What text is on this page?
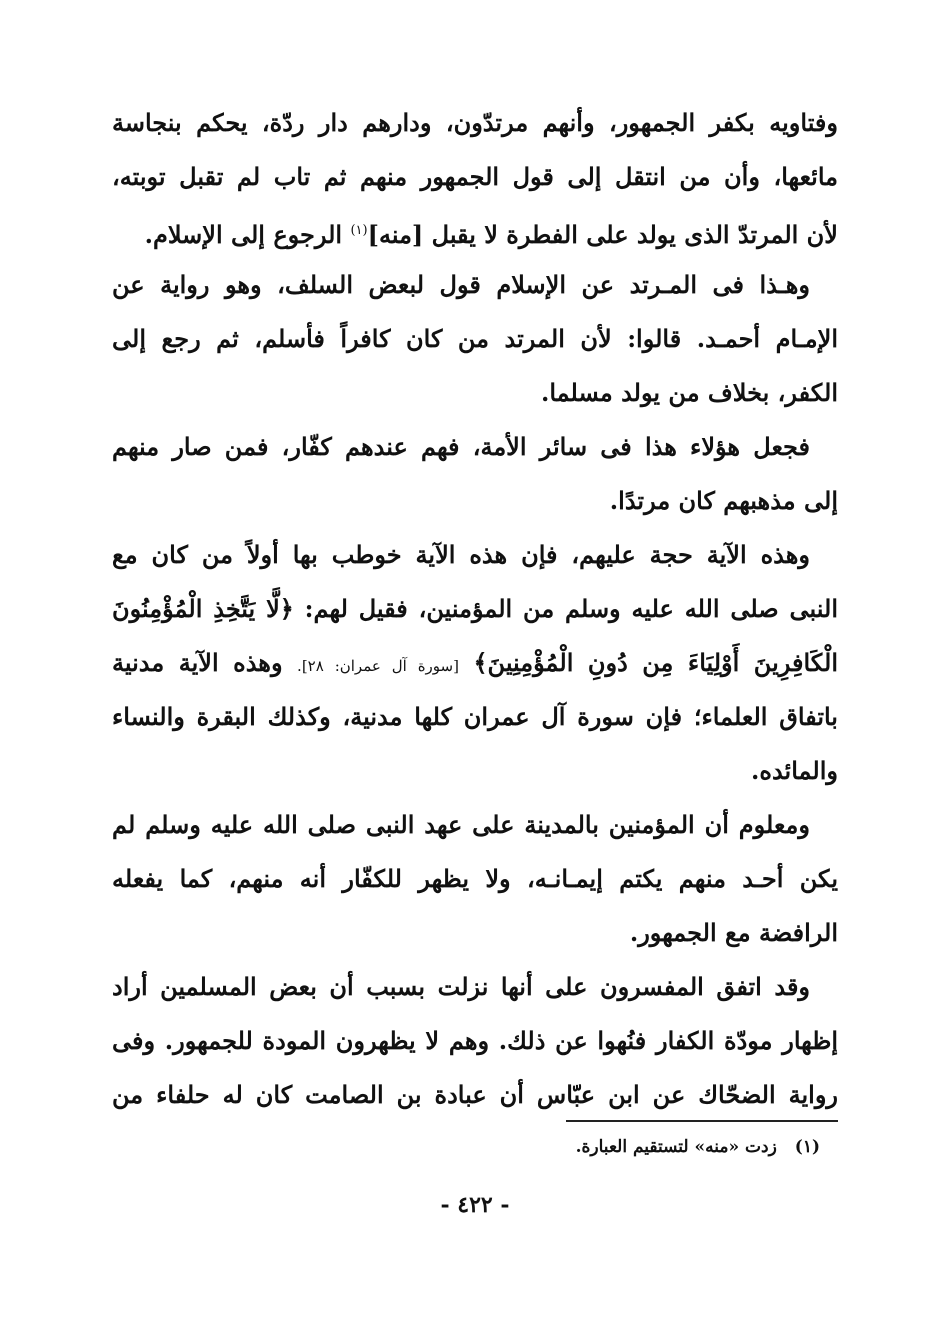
وفتاويه بكفر الجمهور، وأنهم مرتدّون، ودارهم دار ردّة، يحكم بنجاسة
مائعها، وأن من انتقل إلى قول الجمهور منهم ثم تاب لم تقبل توبته،
لأن المرتدّ الذى يولد على الفطرة لا يقبل [منه]$^{(١)}$ الرجوع إلى الإسلام.
وهـذا فى المـرتد عن الإسلام قول لبعض السلف، وهو رواية عن
الإمـام أحمـد. قالوا: لأن المرتد من كان كافراً فأسلم، ثم رجع إلى
الكفر، بخلاف من يولد مسلما.
فجعل هؤلاء هذا فى سائر الأمة، فهم عندهم كفّار، فمن صار منهم
إلى مذهبهم كان مرتدًا.
وهذه الآية حجة عليهم، فإن هذه الآية خوطب بها أولاً من كان مع
النبى صلى الله عليه وسلم من المؤمنين، فقيل لهم: ﴿لَّا يَتَّخِذِ الْمُؤْمِنُونَ
الْكَافِرِينَ أَوْلِيَاءَ مِن دُونِ الْمُؤْمِنِينَ﴾ [سورة آل عمران: ٢٨]. وهذه الآية مدنية
باتفاق العلماء؛ فإن سورة آل عمران كلها مدنية، وكذلك البقرة والنساء
والمائده.
ومعلوم أن المؤمنين بالمدينة على عهد النبى صلى الله عليه وسلم لم
يكن أحـد منهم يكتم إيمـانـه، ولا يظهر للكفّار أنه منهم، كما يفعله
الرافضة مع الجمهور.
وقد اتفق المفسرون على أنها نزلت بسبب أن بعض المسلمين أراد
إظهار مودّة الكفار فنُهوا عن ذلك. وهم لا يظهرون المودة للجمهور. وفى
رواية الضحّاك عن ابن عبّاس أن عبادة بن الصامت كان له حلفاء من
(١) زدت «منه» لتستقيم العبارة.
- ٤٢٢ -
